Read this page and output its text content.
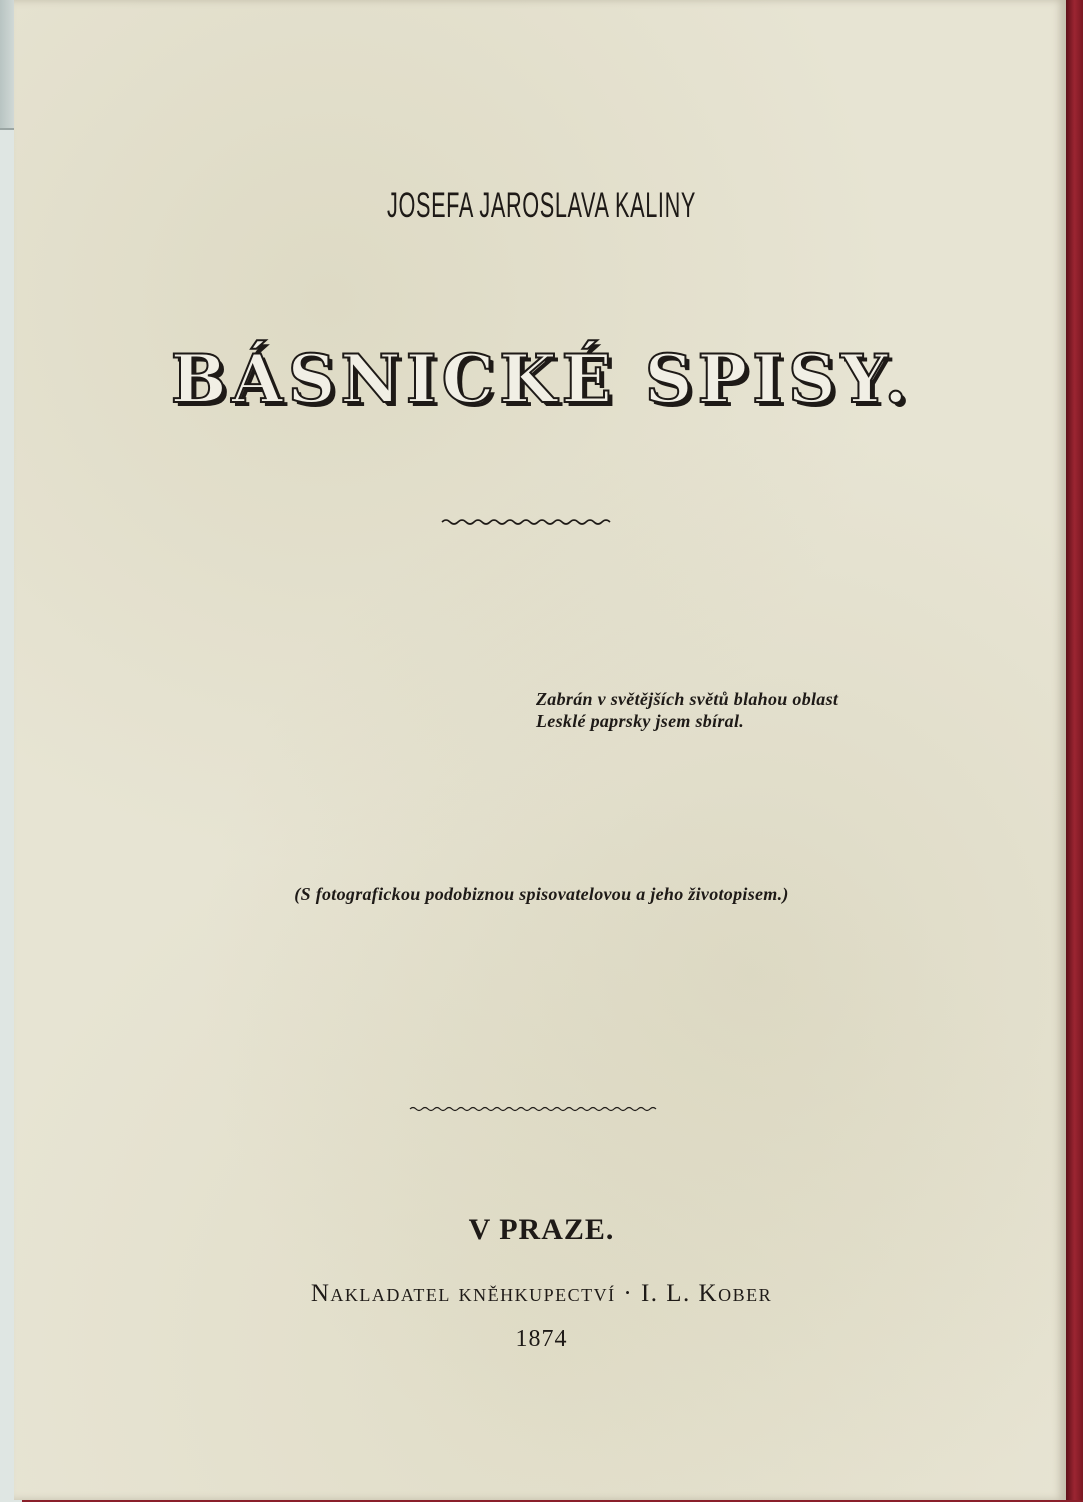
JOSEFA JAROSLAVA KALINY
BÁSNICKÉ SPISY.
Zabrán v světějších světů blahou oblast
Lesklé paprsky jsem sbíral.
(S fotografickou podobiznou spisovatelovou a jeho životopisem.)
V PRAZE.
Nakladatel kněhkupectví · I. L. Kober
1874
